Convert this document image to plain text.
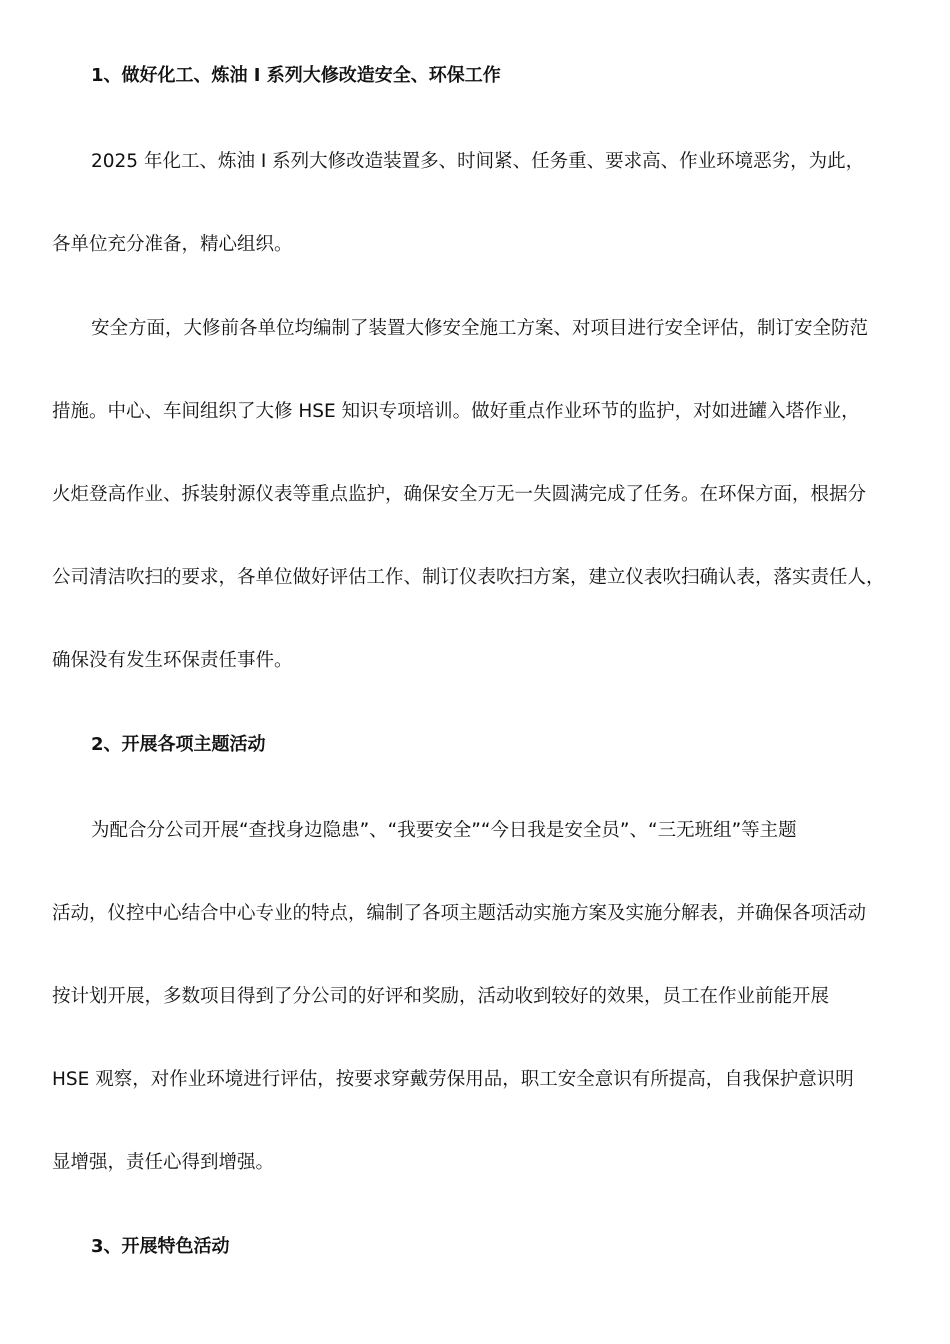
1、做好化工、炼油 I 系列大修改造安全、环保工作

2025 年化工、炼油 I 系列大修改造装置多、时间紧、任务重、要求高、作业环境恶劣，为此，

各单位充分准备，精心组织。

安全方面，大修前各单位均编制了装置大修安全施工方案、对项目进行安全评估，制订安全防范

措施。中心、车间组织了大修 HSE 知识专项培训。做好重点作业环节的监护，对如进罐入塔作业，

火炬登高作业、拆装射源仪表等重点监护，确保安全万无一失圆满完成了任务。在环保方面，根据分

公司清洁吹扫的要求，各单位做好评估工作、制订仪表吹扫方案，建立仪表吹扫确认表，落实责任人，

确保没有发生环保责任事件。

2、开展各项主题活动

为配合分公司开展“查找身边隐患”、“我要安全”“今日我是安全员”、“三无班组”等主题

活动，仪控中心结合中心专业的特点，编制了各项主题活动实施方案及实施分解表，并确保各项活动

按计划开展，多数项目得到了分公司的好评和奖励，活动收到较好的效果，员工在作业前能开展

HSE 观察，对作业环境进行评估，按要求穿戴劳保用品，职工安全意识有所提高，自我保护意识明

显增强，责任心得到增强。

3、开展特色活动
